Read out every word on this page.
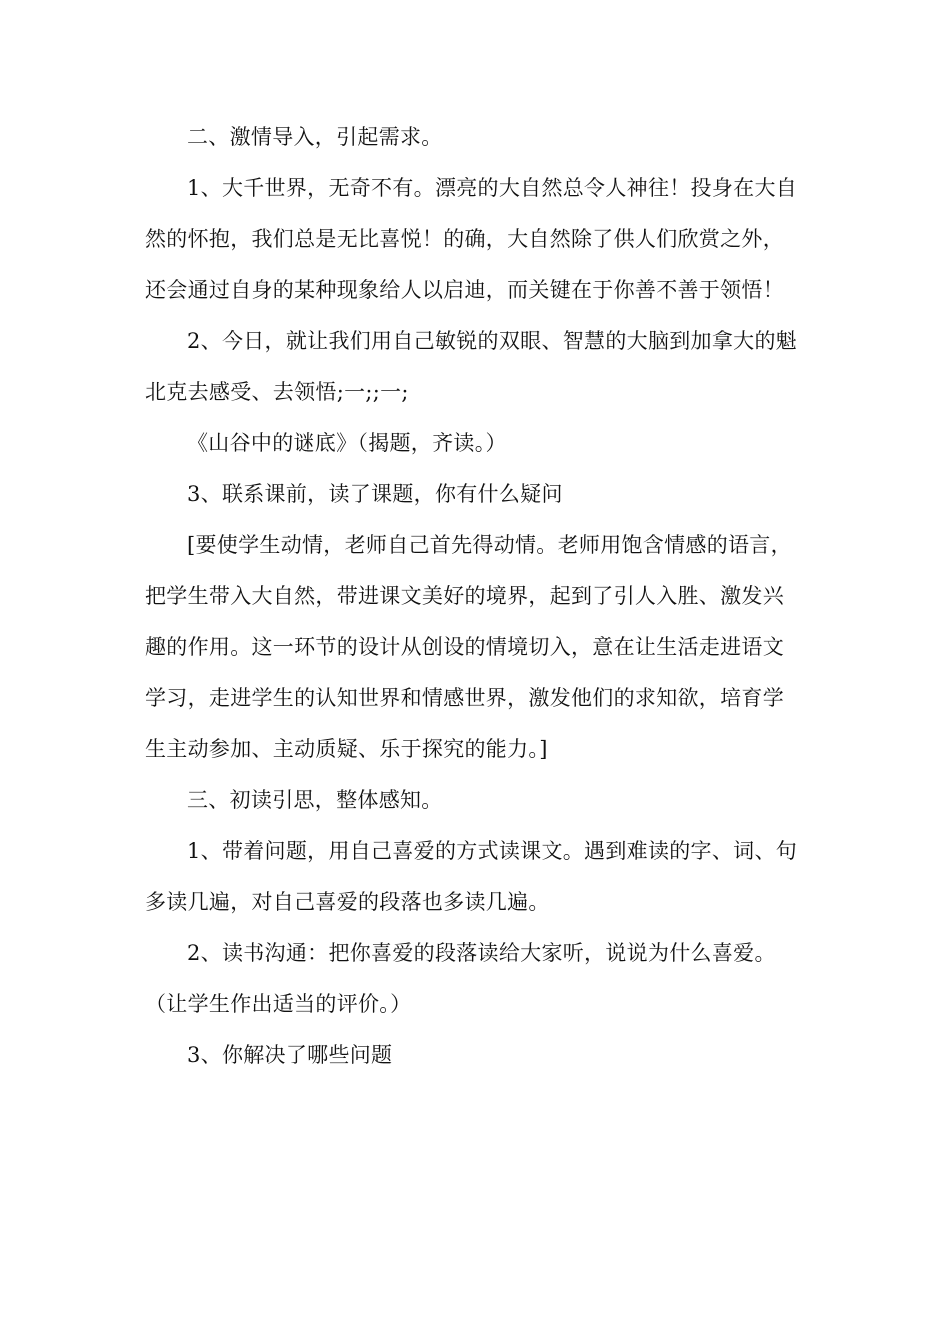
二、激情导入，引起需求。

1、大千世界，无奇不有。漂亮的大自然总令人神往！投身在大自然的怀抱，我们总是无比喜悦！的确，大自然除了供人们欣赏之外，还会通过自身的某种现象给人以启迪，而关键在于你善不善于领悟！

2、今日，就让我们用自己敏锐的双眼、智慧的大脑到加拿大的魁北克去感受、去领悟;一;;一;

《山谷中的谜底》（揭题，齐读。）

3、联系课前，读了课题，你有什么疑问

[要使学生动情，老师自己首先得动情。老师用饱含情感的语言，把学生带入大自然，带进课文美好的境界，起到了引人入胜、激发兴趣的作用。这一环节的设计从创设的情境切入，意在让生活走进语文学习，走进学生的认知世界和情感世界，激发他们的求知欲，培育学生主动参加、主动质疑、乐于探究的能力。]

三、初读引思，整体感知。

1、带着问题，用自己喜爱的方式读课文。遇到难读的字、词、句多读几遍，对自己喜爱的段落也多读几遍。

2、读书沟通：把你喜爱的段落读给大家听，说说为什么喜爱。（让学生作出适当的评价。）

3、你解决了哪些问题
